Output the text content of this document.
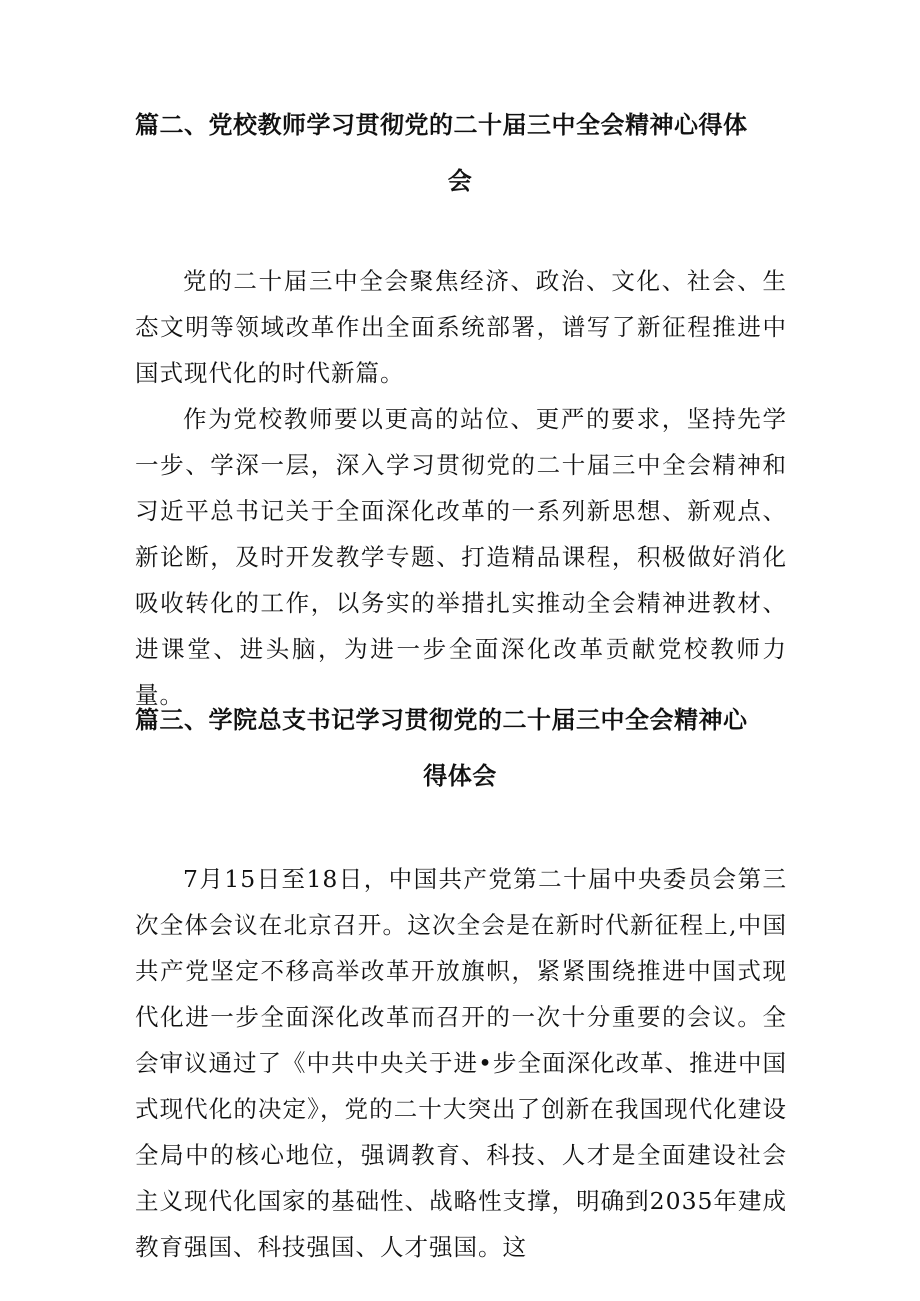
篇二、党校教师学习贯彻党的二十届三中全会精神心得体
会

党的二十届三中全会聚焦经济、政治、文化、社会、生态文明等领域改革作出全面系统部署，谱写了新征程推进中国式现代化的时代新篇。

作为党校教师要以更高的站位、更严的要求，坚持先学一步、学深一层，深入学习贯彻党的二十届三中全会精神和习近平总书记关于全面深化改革的一系列新思想、新观点、新论断，及时开发教学专题、打造精品课程，积极做好消化吸收转化的工作，以务实的举措扎实推动全会精神进教材、进课堂、进头脑，为进一步全面深化改革贡献党校教师力量。

篇三、学院总支书记学习贯彻党的二十届三中全会精神心
得体会

7月15日至18日，中国共产党第二十届中央委员会第三次全体会议在北京召开。这次全会是在新时代新征程上,中国共产党坚定不移高举改革开放旗帜，紧紧围绕推进中国式现代化进一步全面深化改革而召开的一次十分重要的会议。全会审议通过了《中共中央关于进•步全面深化改革、推进中国式现代化的决定》，党的二十大突出了创新在我国现代化建设全局中的核心地位，强调教育、科技、人才是全面建设社会主义现代化国家的基础性、战略性支撑，明确到2035年建成教育强国、科技强国、人才强国。这
